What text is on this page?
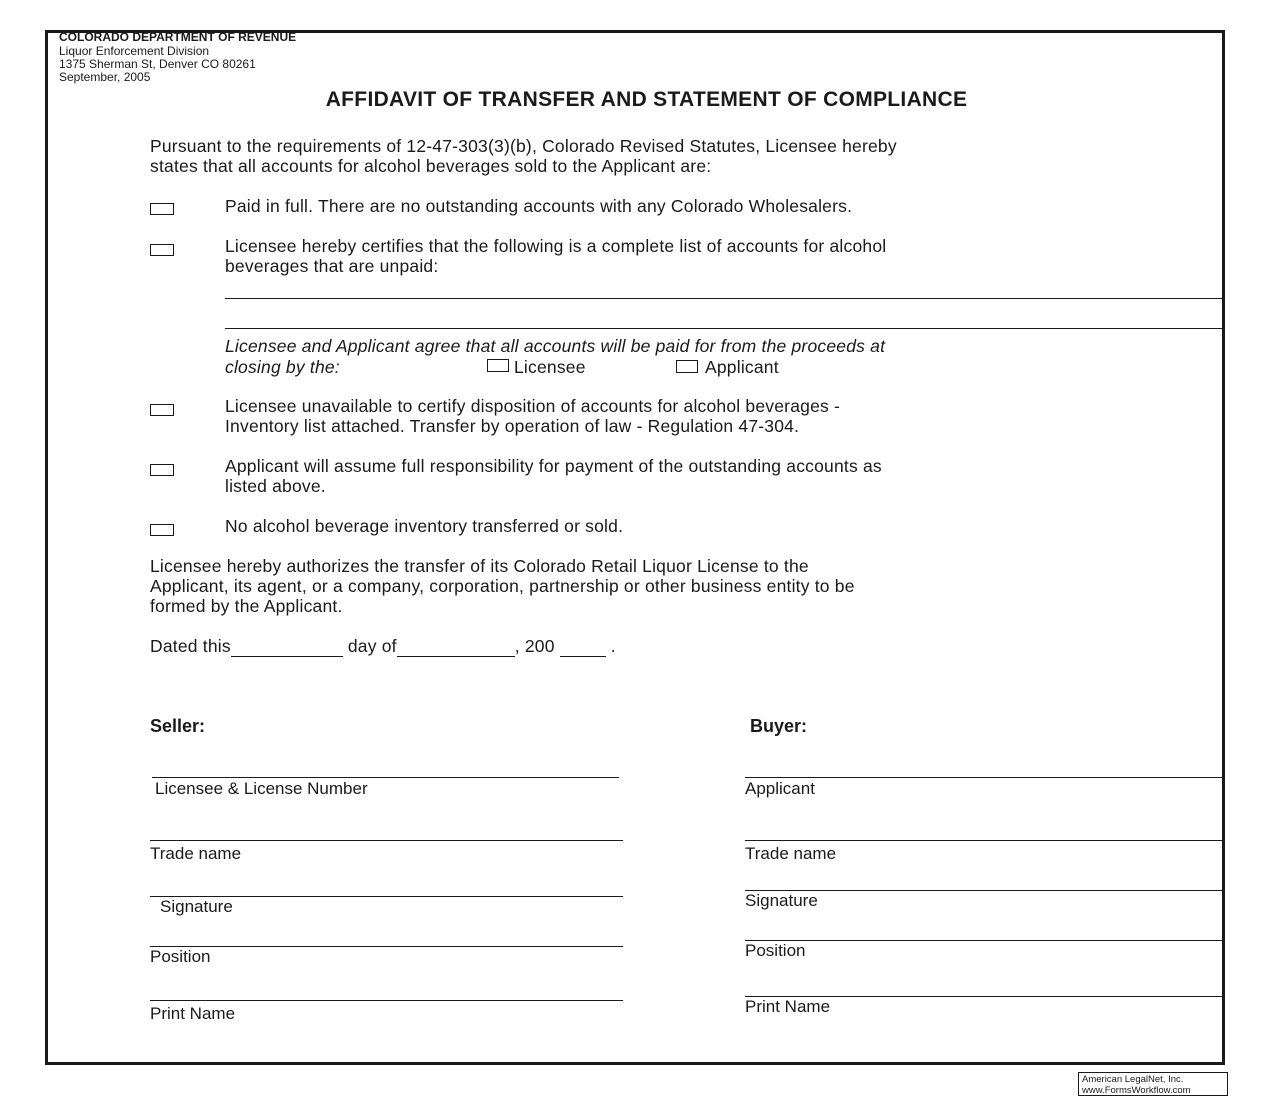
COLORADO DEPARTMENT OF REVENUE
Liquor Enforcement Division
1375 Sherman St, Denver CO 80261
September, 2005
AFFIDAVIT OF TRANSFER AND STATEMENT OF COMPLIANCE
Pursuant to the requirements of 12-47-303(3)(b), Colorado Revised Statutes, Licensee hereby
states that all accounts for alcohol beverages sold to the Applicant are:
Paid in full. There are no outstanding accounts with any Colorado Wholesalers.
Licensee hereby certifies that the following is a complete list of accounts for alcohol
beverages that are unpaid:
Licensee and Applicant agree that all accounts will be paid for from the proceeds at
closing by the:	Licensee	Applicant
Licensee unavailable to certify disposition of accounts for alcohol beverages -
Inventory list attached. Transfer by operation of law - Regulation 47-304.
Applicant will assume full responsibility for payment of the outstanding accounts as
listed above.
No alcohol beverage inventory transferred or sold.
Licensee hereby authorizes the transfer of its Colorado Retail Liquor License to the
Applicant, its agent, or a company, corporation, partnership or other business entity to be
formed by the Applicant.
Dated this	day of	, 200	.
Seller:
Licensee & License Number
Trade name
Signature
Position
Print Name
Buyer:
Applicant
Trade name
Signature
Position
Print Name
American LegalNet, Inc.
www.FormsWorkflow.com
